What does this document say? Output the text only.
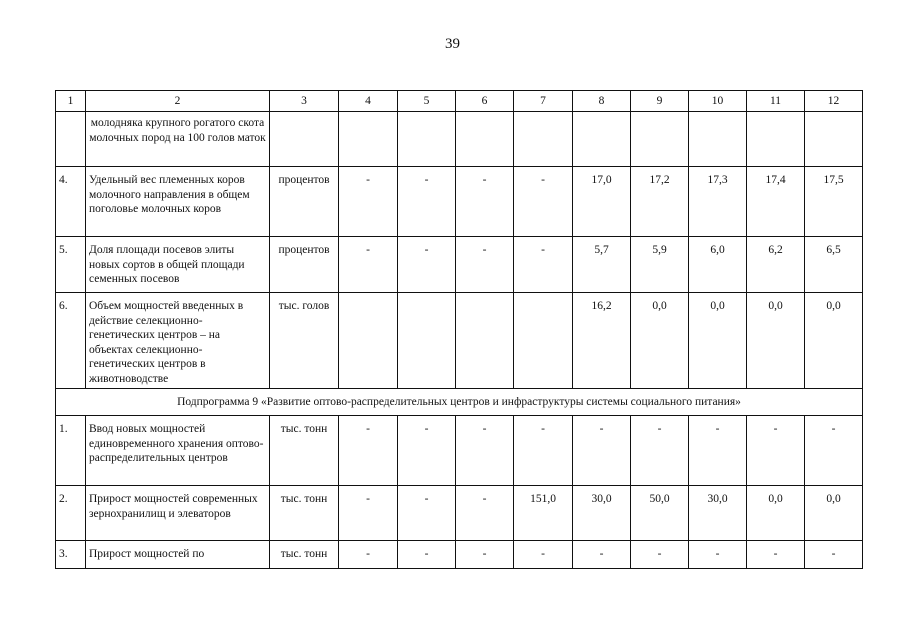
39
1	2	3	4	5	6	7	8	9	10	11	12
	молодняка крупного рогатого скота молочных пород на 100 голов маток										
4.	Удельный вес племенных коров молочного направления в общем поголовье молочных коров	процентов	-	-	-	-	17,0	17,2	17,3	17,4	17,5
5.	Доля площади посевов элиты новых сортов в общей площади семенных посевов	процентов	-	-	-	-	5,7	5,9	6,0	6,2	6,5
6.	Объем мощностей введенных в действие селекционно-генетических центров – на объектах селекционно-генетических центров в животноводстве	тыс. голов					16,2	0,0	0,0	0,0	0,0
Подпрограмма 9 «Развитие оптово-распределительных центров и инфраструктуры системы социального питания»											
1.	Ввод новых мощностей единовременного хранения оптово-распределительных центров	тыс. тонн	-	-	-	-	-	-	-	-	-
2.	Прирост мощностей современных зернохранилищ и элеваторов	тыс. тонн	-	-	-	151,0	30,0	50,0	30,0	0,0	0,0
3.	Прирост мощностей по	тыс. тонн	-	-	-	-	-	-	-	-	-
